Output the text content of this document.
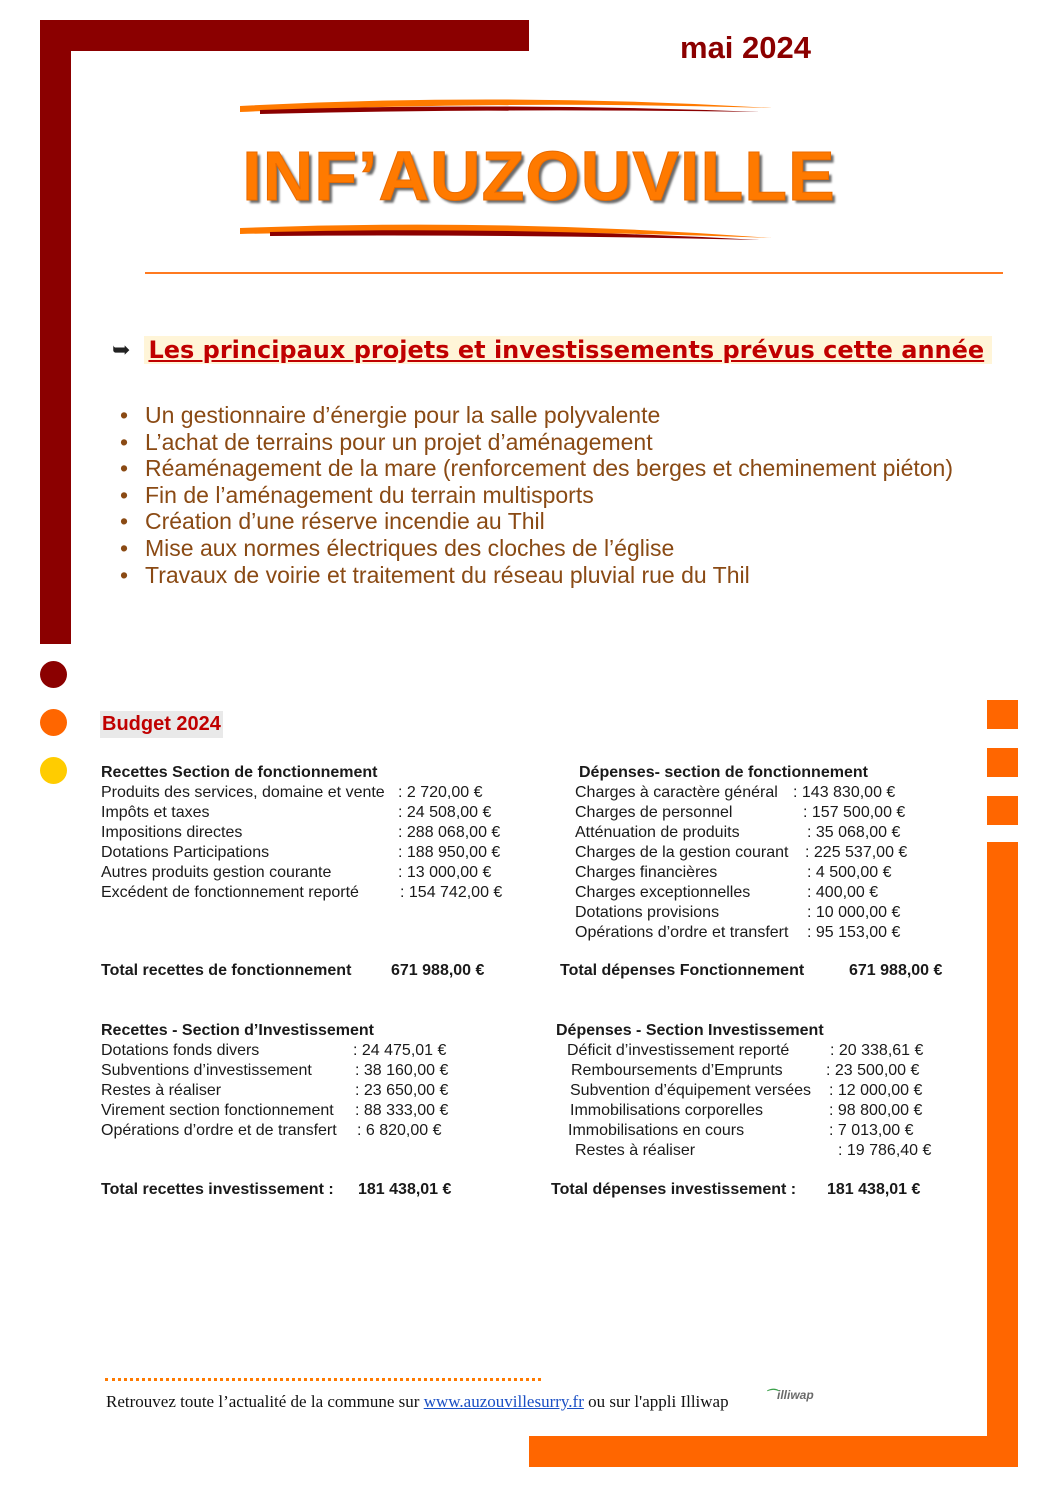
mai 2024
INF’AUZOUVILLE
➥ Les principaux projets et investissements prévus cette année
• Un gestionnaire d’énergie pour la salle polyvalente
• L’achat de terrains pour un projet d’aménagement
• Réaménagement de la mare (renforcement des berges et cheminement piéton)
• Fin de l’aménagement du terrain multisports
• Création d’une réserve incendie au Thil
• Mise aux normes électriques des cloches de l’église
• Travaux de voirie et traitement du réseau pluvial rue du Thil
Budget 2024
Recettes Section de fonctionnement
Produits des services, domaine et vente : 2 720,00 €
Impôts et taxes	: 24 508,00 €
Impositions directes	: 288 068,00 €
Dotations Participations	: 188 950,00 €
Autres produits gestion courante	: 13 000,00 €
Excédent de fonctionnement reporté	: 154 742,00 €
Total recettes de fonctionnement 671 988,00 €
Dépenses- section de fonctionnement
Charges à caractère général : 143 830,00 €
Charges de personnel	: 157 500,00 €
Atténuation de produits	: 35 068,00 €
Charges de la gestion courant : 225 537,00 €
Charges financières	: 4 500,00 €
Charges exceptionnelles	: 400,00 €
Dotations provisions	: 10 000,00 €
Opérations d’ordre et transfert : 95 153,00 €
Total dépenses Fonctionnement	671 988,00 €
Recettes - Section d’Investissement
Dotations fonds divers	: 24 475,01 €
Subventions d’investissement	: 38 160,00 €
Restes à réaliser	: 23 650,00 €
Virement section fonctionnement : 88 333,00 €
Opérations d’ordre et de transfert : 6 820,00 €
Total recettes investissement : 181 438,01 €
Dépenses - Section Investissement
Déficit d’investissement reporté	: 20 338,61 €
Remboursements d’Emprunts	: 23 500,00 €
Subvention d’équipement versées : 12 000,00 €
Immobilisations corporelles	: 98 800,00 €
Immobilisations en cours	: 7 013,00 €
Restes à réaliser	: 19 786,40 €
Total dépenses investissement : 181 438,01 €
Retrouvez toute l’actualité de la commune sur www.auzouvillesurry.fr ou sur l'appli Illiwap	⌒illiwap
